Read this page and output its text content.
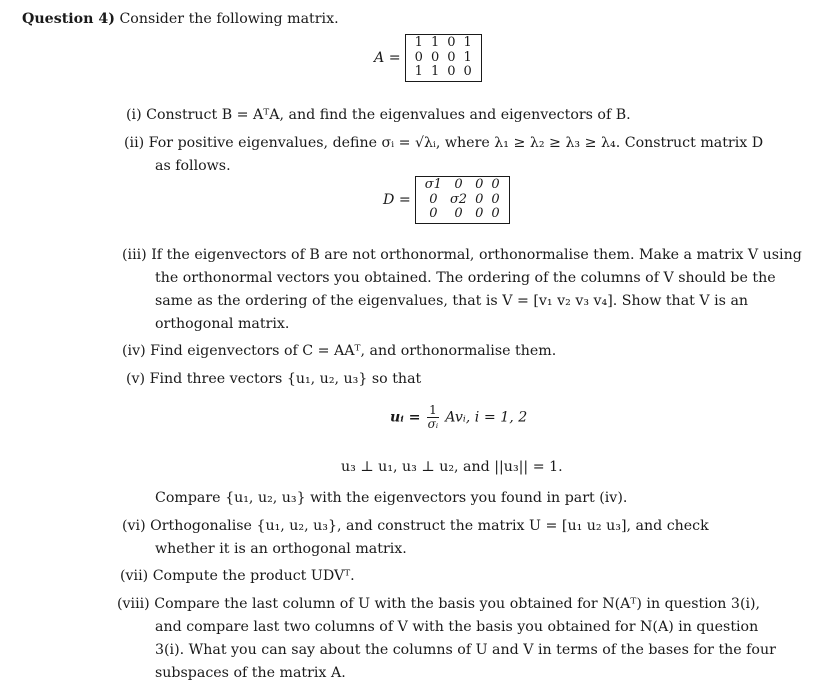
Question 4) Consider the following matrix.
A =
1	1	0	1
0	0	0	1
1	1	0	0
(i) Construct B = AᵀA, and find the eigenvalues and eigenvectors of B.
(ii) For positive eigenvalues, define σᵢ = √λᵢ, where λ₁ ≥ λ₂ ≥ λ₃ ≥ λ₄. Construct matrix D
as follows.
D =
σ1	0	0	0
0	σ2	0	0
0	0	0	0
(iii) If the eigenvectors of B are not orthonormal, orthonormalise them. Make a matrix V using
the orthonormal vectors you obtained. The ordering of the columns of V should be the
same as the ordering of the eigenvalues, that is V = [v₁ v₂ v₃ v₄]. Show that V is an
orthogonal matrix.
(iv) Find eigenvectors of C = AAᵀ, and orthonormalise them.
(v) Find three vectors {u₁, u₂, u₃} so that
uᵢ = $\frac{1}{\text{σᵢ}}$ Avᵢ, i = 1, 2
u₃ ⊥ u₁, u₃ ⊥ u₂, and ||u₃|| = 1.
Compare {u₁, u₂, u₃} with the eigenvectors you found in part (iv).
(vi) Orthogonalise {u₁, u₂, u₃}, and construct the matrix U = [u₁ u₂ u₃], and check
whether it is an orthogonal matrix.
(vii) Compute the product UDVᵀ.
(viii) Compare the last column of U with the basis you obtained for N(Aᵀ) in question 3(i),
and compare last two columns of V with the basis you obtained for N(A) in question
3(i). What you can say about the columns of U and V in terms of the bases for the four
subspaces of the matrix A.
